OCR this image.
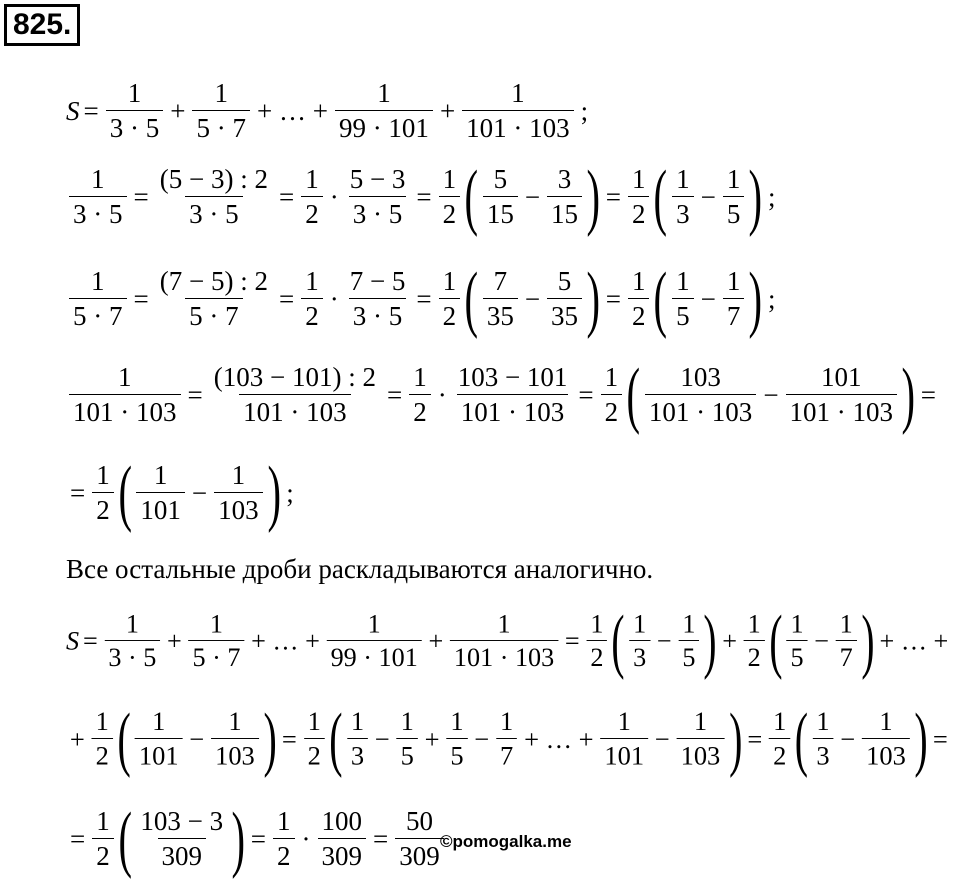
825.
$S = \frac{1}{3 \cdot 5} + \frac{1}{5 \cdot 7}$ + … + $\frac{1}{99 \cdot 101} + \frac{1}{101 \cdot 103}$ ;
$\frac{1}{3 \cdot 5} = \frac{(5 - 3) : 2}{3 \cdot 5} = \frac{1}{2} \cdot \frac{5 - 3}{3 \cdot 5} = \frac{1}{2}$ ( $\frac{5}{15} - \frac{3}{15}$ ) = $\frac{1}{2}$ ( $\frac{1}{3} - \frac{1}{5}$ ) ;
$\frac{1}{5 \cdot 7} = \frac{(7 - 5) : 2}{5 \cdot 7} = \frac{1}{2} \cdot \frac{7 - 5}{3 \cdot 5} = \frac{1}{2}$ ( $\frac{7}{35} - \frac{5}{35}$ ) = $\frac{1}{2}$ ( $\frac{1}{5} - \frac{1}{7}$ ) ;
$\frac{1}{101 \cdot 103} = \frac{(103 - 101) : 2}{101 \cdot 103} = \frac{1}{2} \cdot \frac{103 - 101}{101 \cdot 103} = \frac{1}{2}$ ( $\frac{103}{101 \cdot 103} - \frac{101}{101 \cdot 103}$ ) =
= $\frac{1}{2}$ ( $\frac{1}{101} - \frac{1}{103}$ ) ;
$S = \frac{1}{3 \cdot 5} + \frac{1}{5 \cdot 7}$ + … + $\frac{1}{99 \cdot 101} + \frac{1}{101 \cdot 103} = \frac{1}{2}$ ( $\frac{1}{3} - \frac{1}{5}$ ) + $\frac{1}{2}$ ( $\frac{1}{5} - \frac{1}{7}$ ) + … +
+ $\frac{1}{2}$ ( $\frac{1}{101} - \frac{1}{103}$ ) = $\frac{1}{2}$ ( $\frac{1}{3} - \frac{1}{5} + \frac{1}{5} - \frac{1}{7}$ + … + $\frac{1}{101} - \frac{1}{103}$ ) = $\frac{1}{2}$ ( $\frac{1}{3} - \frac{1}{103}$ ) =
= $\frac{1}{2}$ ( $\frac{103 - 3}{309}$ ) = $\frac{1}{2} \cdot \frac{100}{309} = \frac{50}{309}$
Все остальные дроби раскладываются аналогично.
©pomogalka.me
